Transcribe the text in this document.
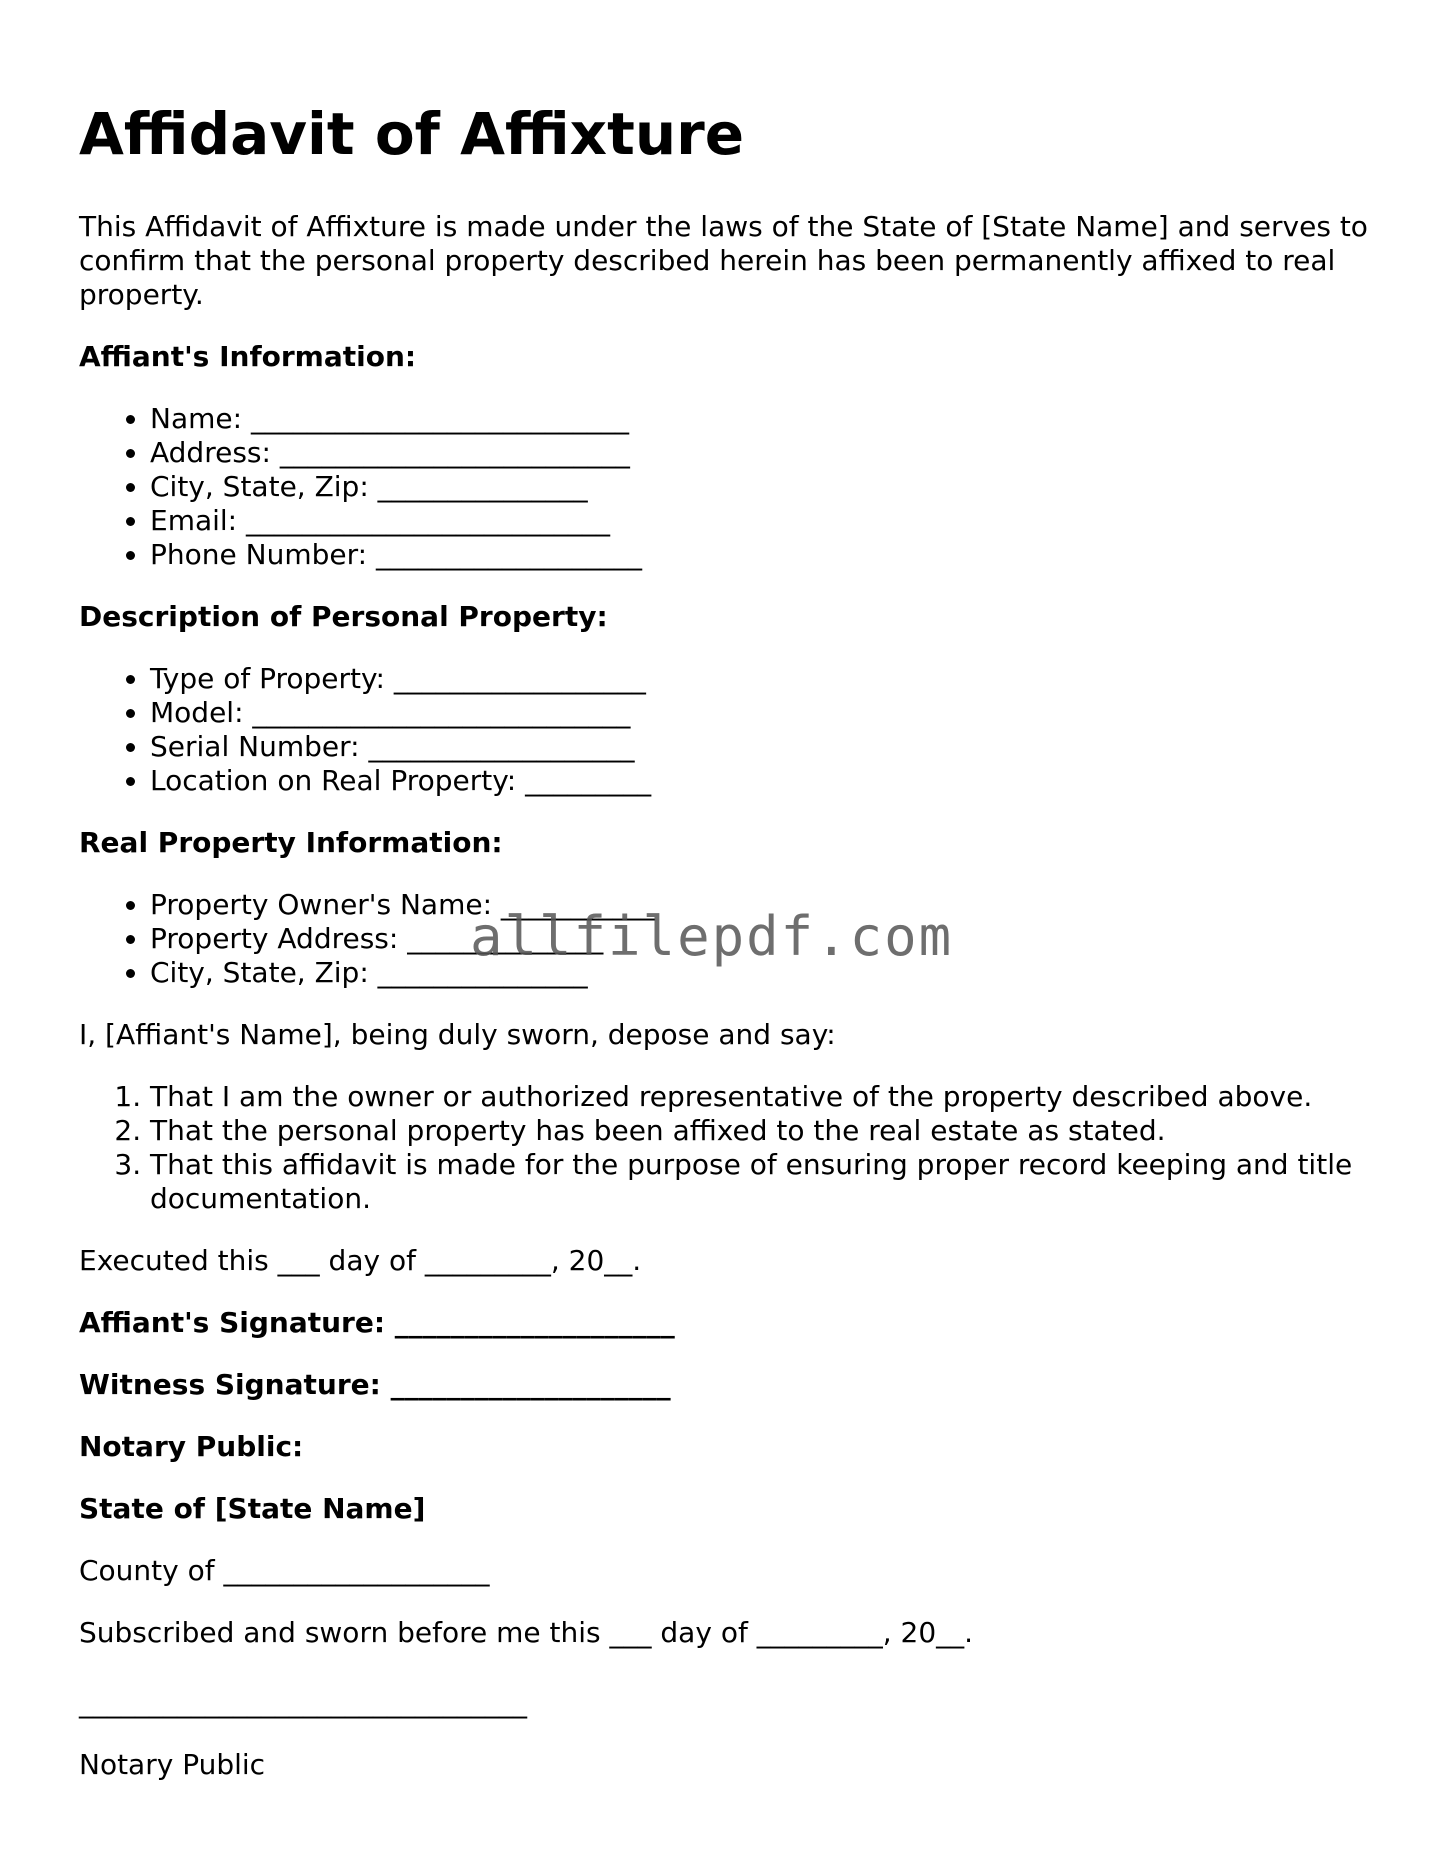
Affidavit of Affixture

This Affidavit of Affixture is made under the laws of the State of [State Name] and serves to confirm that the personal property described herein has been permanently affixed to real property.

Affiant's Information:

• Name: ___________________________
• Address: _________________________
• City, State, Zip: _______________
• Email: __________________________
• Phone Number: ___________________

Description of Personal Property:

• Type of Property: __________________
• Model: ___________________________
• Serial Number: ___________________
• Location on Real Property: _________

Real Property Information:

• Property Owner's Name: ___________
• Property Address: ______________
• City, State, Zip: _______________

I, [Affiant's Name], being duly sworn, depose and say:

1. That I am the owner or authorized representative of the property described above.
2. That the personal property has been affixed to the real estate as stated.
3. That this affidavit is made for the purpose of ensuring proper record keeping and title documentation.

Executed this ___ day of _________, 20__.

Affiant's Signature: ____________________

Witness Signature: ____________________

Notary Public:

State of [State Name]

County of ___________________

Subscribed and sworn before me this ___ day of _________, 20__.

________________________________

Notary Public

allfilepdf.com
